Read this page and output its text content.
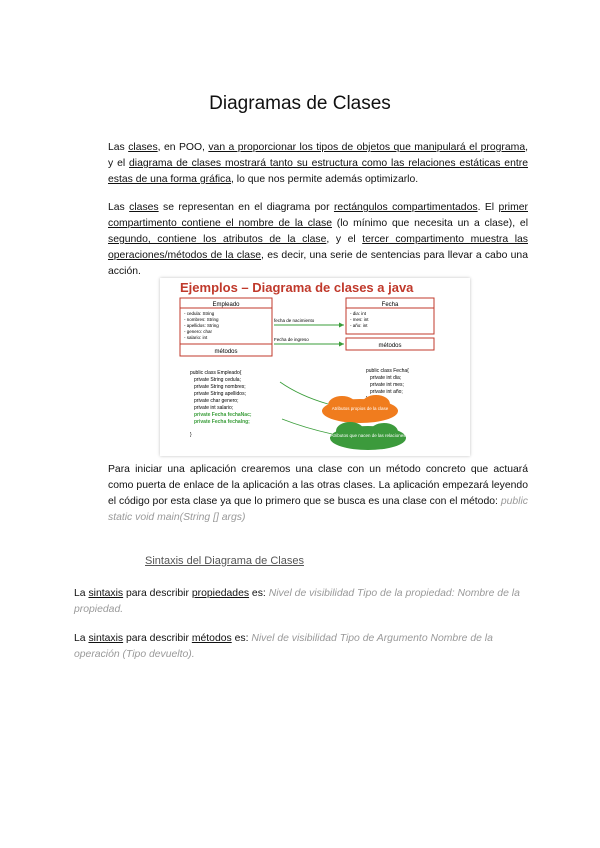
Diagramas de Clases
Las clases, en POO, van a proporcionar los tipos de objetos que manipulará el programa, y el diagrama de clases mostrará tanto su estructura como las relaciones estáticas entre estas de una forma gráfica, lo que nos permite además optimizarlo.
Las clases se representan en el diagrama por rectángulos compartimentados. El primer compartimento contiene el nombre de la clase (lo mínimo que necesita un a clase), el segundo, contiene los atributos de la clase, y el tercer compartimento muestra las operaciones/métodos de la clase, es decir, una serie de sentencias para llevar a cabo una acción.
Ejemplos – Diagrama de clases a java
Empleado
- cedula: String
- nombres: String
- apellidos: String
- genero: char
- salario: int
métodos
Fecha
- dia: int
- mes: int
- año: int
métodos
fecha de nacimiento
Fecha de ingreso
public class Empleado{
private String cedula;
private String nombres;
private String apellidos;
private char genero;
private int salario;
private Fecha fechaNac;
private Fecha fechaIng;
}
public class Fecha{
private int dia;
private int mes;
private int año;
Atributos propios de la clase
Atributos que nacen de las relaciones
Para iniciar una aplicación crearemos una clase con un método concreto que actuará como puerta de enlace de la aplicación a las otras clases. La aplicación empezará leyendo el código por esta clase ya que lo primero que se busca es una clase con el método: public static void main(String [] args)
Sintaxis del Diagrama de Clases
La sintaxis para describir propiedades es: Nivel de visibilidad Tipo de la propiedad: Nombre de la propiedad.
La sintaxis para describir métodos es: Nivel de visibilidad Tipo de Argumento Nombre de la operación (Tipo devuelto).
